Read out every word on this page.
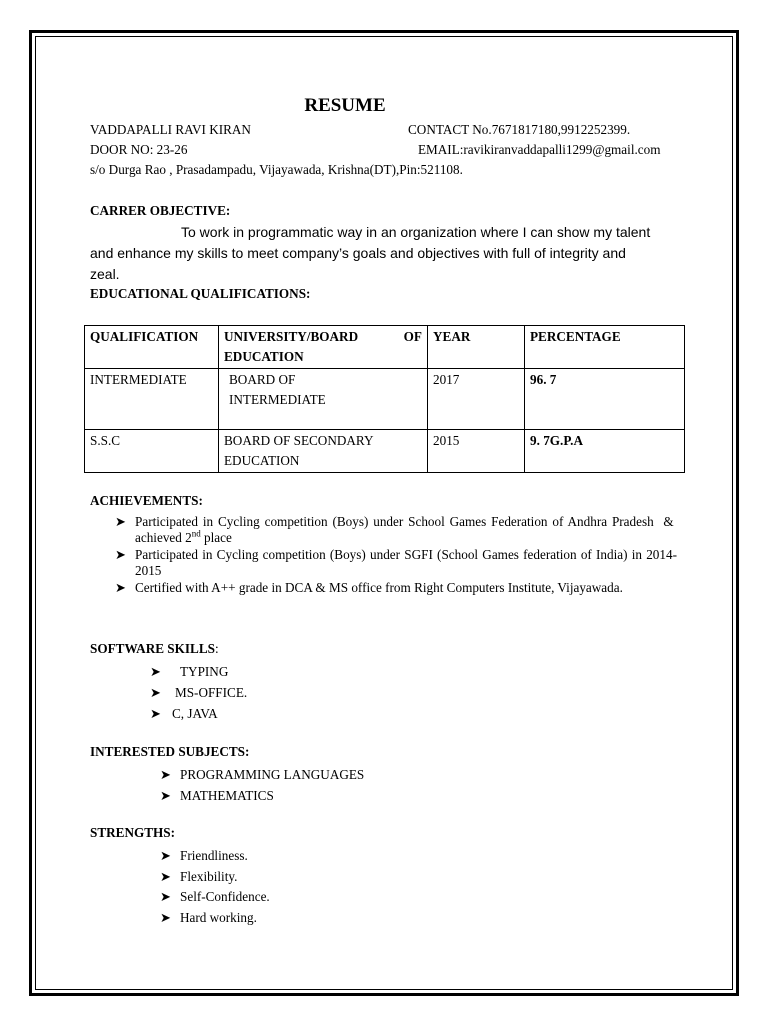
RESUME
VADDAPALLI RAVI KIRAN	CONTACT No.7671817180,9912252399.
DOOR NO: 23-26	EMAIL:ravikiranvaddapalli1299@gmail.com
s/o Durga Rao , Prasadampadu, Vijayawada, Krishna(DT),Pin:521108.
CARRER OBJECTIVE:
To work in programmatic way in an organization where I can show my talent
and enhance my skills to meet company’s goals and objectives with full of integrity and
zeal.
EDUCATIONAL QUALIFICATIONS:
QUALIFICATION	UNIVERSITY/BOARD OF EDUCATION	YEAR	PERCENTAGE
INTERMEDIATE	BOARD OF INTERMEDIATE	2017	96. 7
S.S.C	BOARD OF SECONDARY EDUCATION	2015	9. 7G.P.A
ACHIEVEMENTS:
➤ Participated in Cycling competition (Boys) under School Games Federation of Andhra Pradesh  &  achieved 2nd place
➤ Participated in Cycling competition (Boys) under SGFI (School Games federation of India) in 2014-2015
➤ Certified with A++ grade in DCA & MS office from Right Computers Institute, Vijayawada.
SOFTWARE SKILLS:
➤ TYPING
➤ MS-OFFICE.
➤ C, JAVA
INTERESTED SUBJECTS:
➤ PROGRAMMING LANGUAGES
➤ MATHEMATICS
STRENGTHS:
➤ Friendliness.
➤ Flexibility.
➤ Self-Confidence.
➤ Hard working.
